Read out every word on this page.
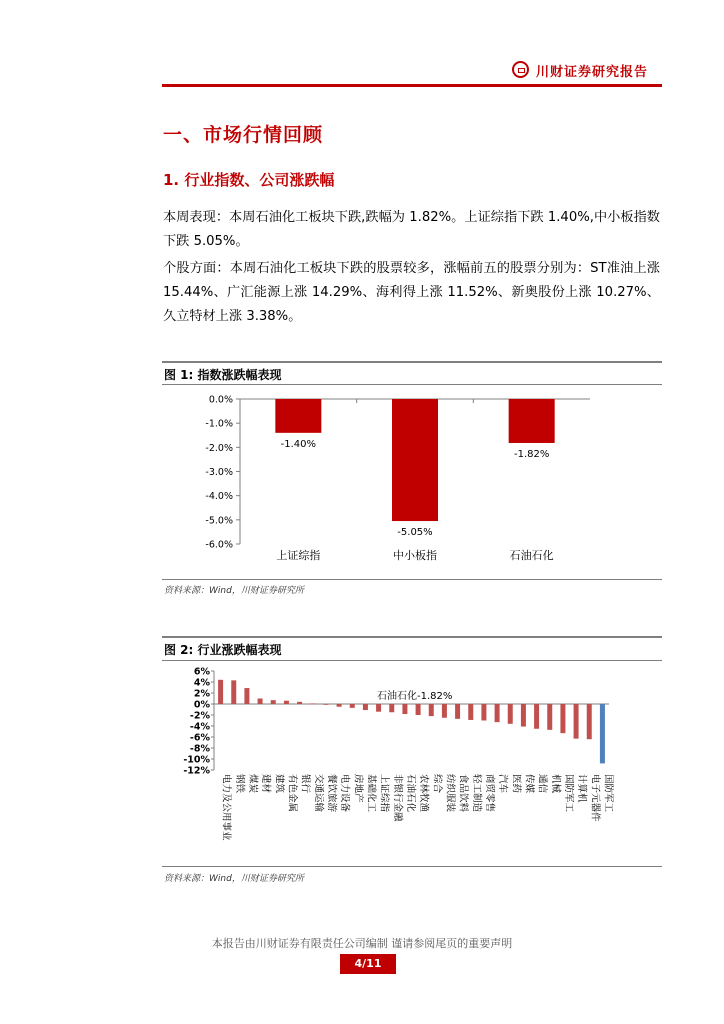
川财证券研究报告
一、市场行情回顾
1. 行业指数、公司涨跌幅
本周表现：本周石油化工板块下跌,跌幅为 1.82%。上证综指下跌 1.40%,中小板指数下跌 5.05%。
个股方面：本周石油化工板块下跌的股票较多，涨幅前五的股票分别为：ST准油上涨 15.44%、广汇能源上涨 14.29%、海利得上涨 11.52%、新奥股份上涨 10.27%、久立特材上涨 3.38%。
图 1: 指数涨跌幅表现
0.0%
-1.0%
-2.0%
-3.0%
-4.0%
-5.0%
-6.0%
-1.40%
上证综指
-5.05%
中小板指
-1.82%
石油石化
资料来源：Wind，川财证券研究所
图 2: 行业涨跌幅表现
6%
4%
2%
0%
-2%
-4%
-6%
-8%
-10%
-12%
电力及公用事业 钢铁 煤炭 建材 建筑 有色金属 银行 交通运输 餐饮旅游 电力设备 房地产 基础化工 上证综指 非银行金融 石油石化 农林牧渔 综合 纺织服装 食品饮料 轻工制造 商贸零售 汽车 医药 传媒 通信 机械 国防军工 计算机 电子元器件 国防军工
石油石化-1.82%
资料来源：Wind，川财证券研究所
本报告由川财证券有限责任公司编制 谨请参阅尾页的重要声明
4/11
